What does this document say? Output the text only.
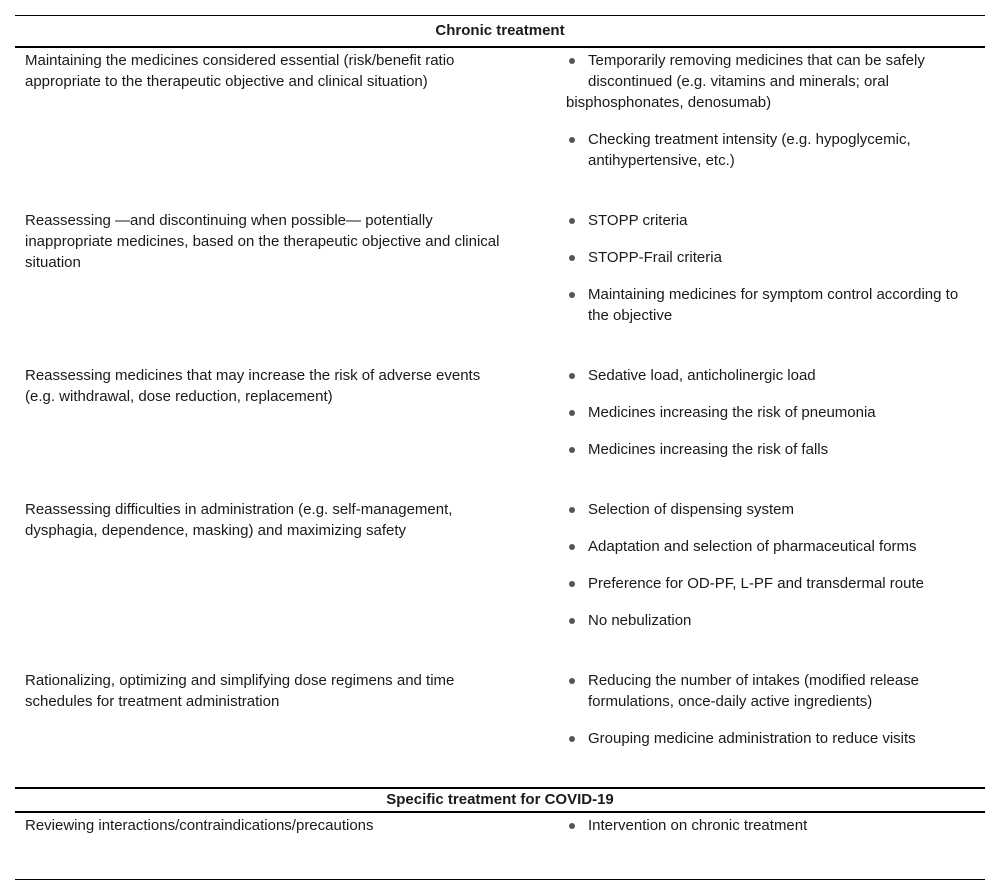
Chronic treatment
Maintaining the medicines considered essential (risk/benefit ratio appropriate to the therapeutic objective and clinical situation)
Temporarily removing medicines that can be safely discontinued (e.g. vitamins and minerals; oral
bisphosphonates, denosumab)
Checking treatment intensity (e.g. hypoglycemic, antihypertensive, etc.)
Reassessing —and discontinuing when possible— potentially inappropriate medicines, based on the therapeutic objective and clinical situation
STOPP criteria
STOPP-Frail criteria
Maintaining medicines for symptom control according to the objective
Reassessing medicines that may increase the risk of adverse events (e.g. withdrawal, dose reduction, replacement)
Sedative load, anticholinergic load
Medicines increasing the risk of pneumonia
Medicines increasing the risk of falls
Reassessing difficulties in administration (e.g. self-management, dysphagia, dependence, masking) and maximizing safety
Selection of dispensing system
Adaptation and selection of pharmaceutical forms
Preference for OD-PF, L-PF and transdermal route
No nebulization
Rationalizing, optimizing and simplifying dose regimens and time schedules for treatment administration
Reducing the number of intakes (modified release formulations, once-daily active ingredients)
Grouping medicine administration to reduce visits
Specific treatment for COVID-19
Reviewing interactions/contraindications/precautions	Intervention on chronic treatment
